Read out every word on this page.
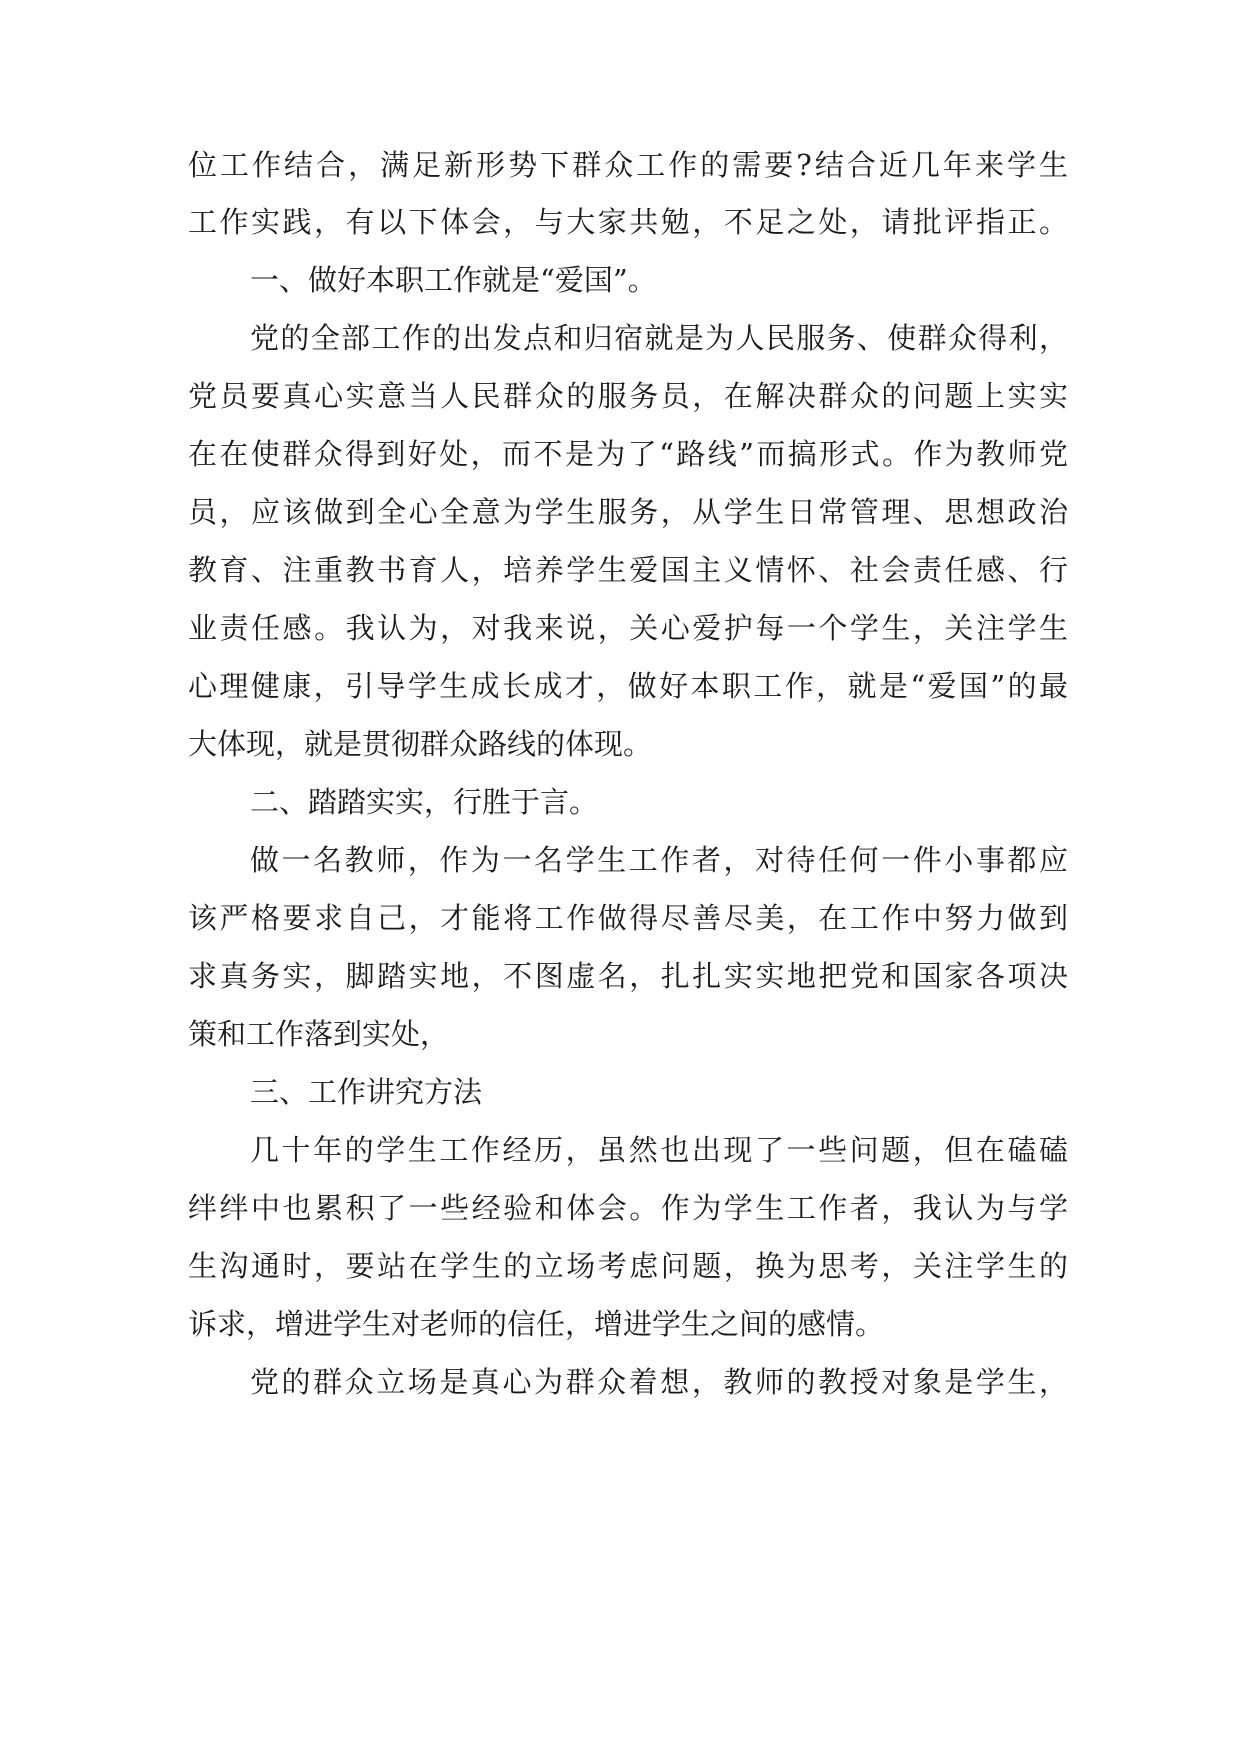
位工作结合，满足新形势下群众工作的需要?结合近几年来学生
工作实践，有以下体会，与大家共勉，不足之处，请批评指正。
一、做好本职工作就是“爱国”。
党的全部工作的出发点和归宿就是为人民服务、使群众得利，
党员要真心实意当人民群众的服务员，在解决群众的问题上实实
在在使群众得到好处，而不是为了“路线”而搞形式。作为教师党
员，应该做到全心全意为学生服务，从学生日常管理、思想政治
教育、注重教书育人，培养学生爱国主义情怀、社会责任感、行
业责任感。我认为，对我来说，关心爱护每一个学生，关注学生
心理健康，引导学生成长成才，做好本职工作，就是“爱国”的最
大体现，就是贯彻群众路线的体现。
二、踏踏实实，行胜于言。
做一名教师，作为一名学生工作者，对待任何一件小事都应
该严格要求自己，才能将工作做得尽善尽美，在工作中努力做到
求真务实，脚踏实地，不图虚名，扎扎实实地把党和国家各项决
策和工作落到实处，
三、工作讲究方法
几十年的学生工作经历，虽然也出现了一些问题，但在磕磕
绊绊中也累积了一些经验和体会。作为学生工作者，我认为与学
生沟通时，要站在学生的立场考虑问题，换为思考，关注学生的
诉求，增进学生对老师的信任，增进学生之间的感情。
党的群众立场是真心为群众着想，教师的教授对象是学生，
